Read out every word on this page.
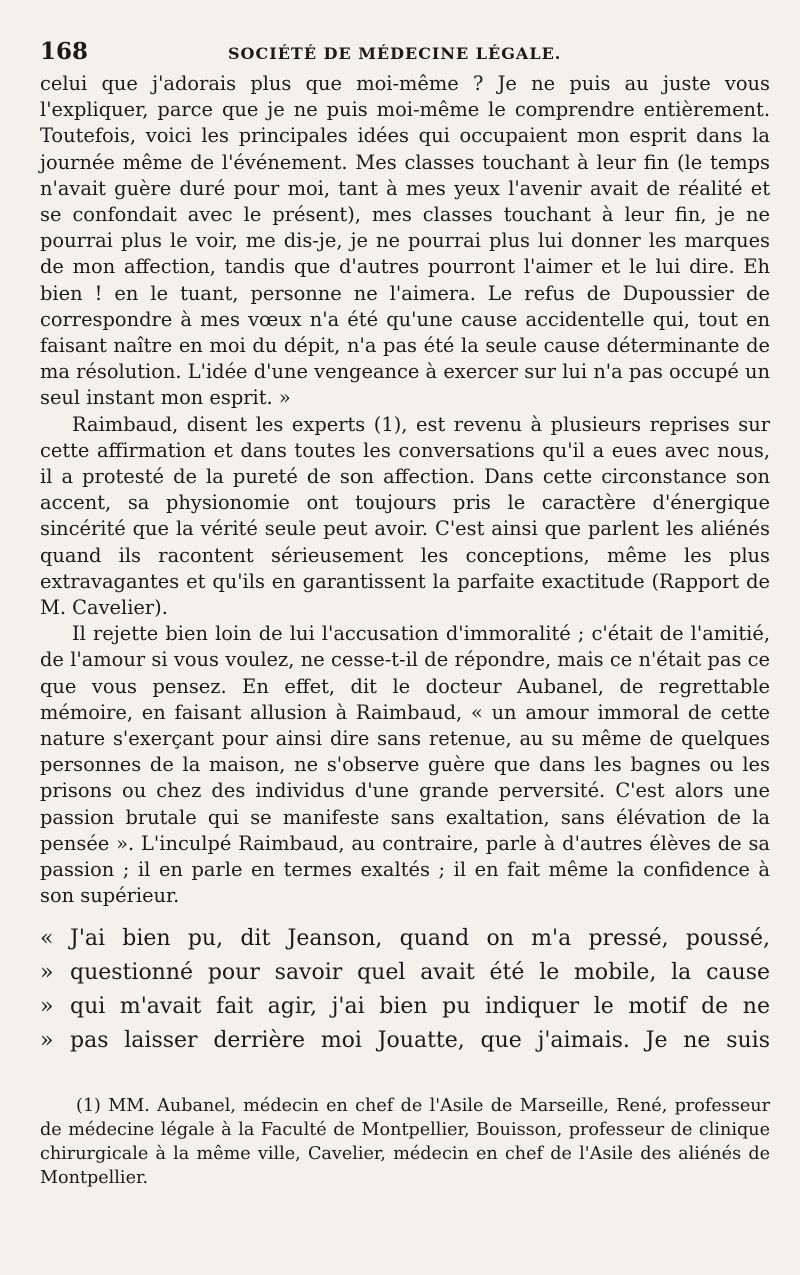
168	SOCIÉTÉ DE MÉDECINE LÉGALE.

celui que j'adorais plus que moi-même ? Je ne puis au juste vous l'expliquer, parce que je ne puis moi-même le comprendre entièrement. Toutefois, voici les principales idées qui occupaient mon esprit dans la journée même de l'événement. Mes classes touchant à leur fin (le temps n'avait guère duré pour moi, tant à mes yeux l'avenir avait de réalité et se confondait avec le présent), mes classes touchant à leur fin, je ne pourrai plus le voir, me dis-je, je ne pourrai plus lui donner les marques de mon affection, tandis que d'autres pourront l'aimer et le lui dire. Eh bien ! en le tuant, personne ne l'aimera. Le refus de Dupoussier de correspondre à mes vœux n'a été qu'une cause accidentelle qui, tout en faisant naître en moi du dépit, n'a pas été la seule cause déterminante de ma résolution. L'idée d'une vengeance à exercer sur lui n'a pas occupé un seul instant mon esprit. »

Raimbaud, disent les experts (1), est revenu à plusieurs reprises sur cette affirmation et dans toutes les conversations qu'il a eues avec nous, il a protesté de la pureté de son affection. Dans cette circonstance son accent, sa physionomie ont toujours pris le caractère d'énergique sincérité que la vérité seule peut avoir. C'est ainsi que parlent les aliénés quand ils racontent sérieusement les conceptions, même les plus extravagantes et qu'ils en garantissent la parfaite exactitude (Rapport de M. Cavelier).

Il rejette bien loin de lui l'accusation d'immoralité ; c'était de l'amitié, de l'amour si vous voulez, ne cesse-t-il de répondre, mais ce n'était pas ce que vous pensez. En effet, dit le docteur Aubanel, de regrettable mémoire, en faisant allusion à Raimbaud, « un amour immoral de cette nature s'exerçant pour ainsi dire sans retenue, au su même de quelques personnes de la maison, ne s'observe guère que dans les bagnes ou les prisons ou chez des individus d'une grande perversité. C'est alors une passion brutale qui se manifeste sans exaltation, sans élévation de la pensée ». L'inculpé Raimbaud, au contraire, parle à d'autres élèves de sa passion ; il en parle en termes exaltés ; il en fait même la confidence à son supérieur.

« J'ai bien pu, dit Jeanson, quand on m'a pressé, poussé,
» questionné pour savoir quel avait été le mobile, la cause
» qui m'avait fait agir, j'ai bien pu indiquer le motif de ne
» pas laisser derrière moi Jouatte, que j'aimais. Je ne suis
(1) MM. Aubanel, médecin en chef de l'Asile de Marseille, René, professeur de médecine légale à la Faculté de Montpellier, Bouisson, professeur de clinique chirurgicale à la même ville, Cavelier, médecin en chef de l'Asile des aliénés de Montpellier.
